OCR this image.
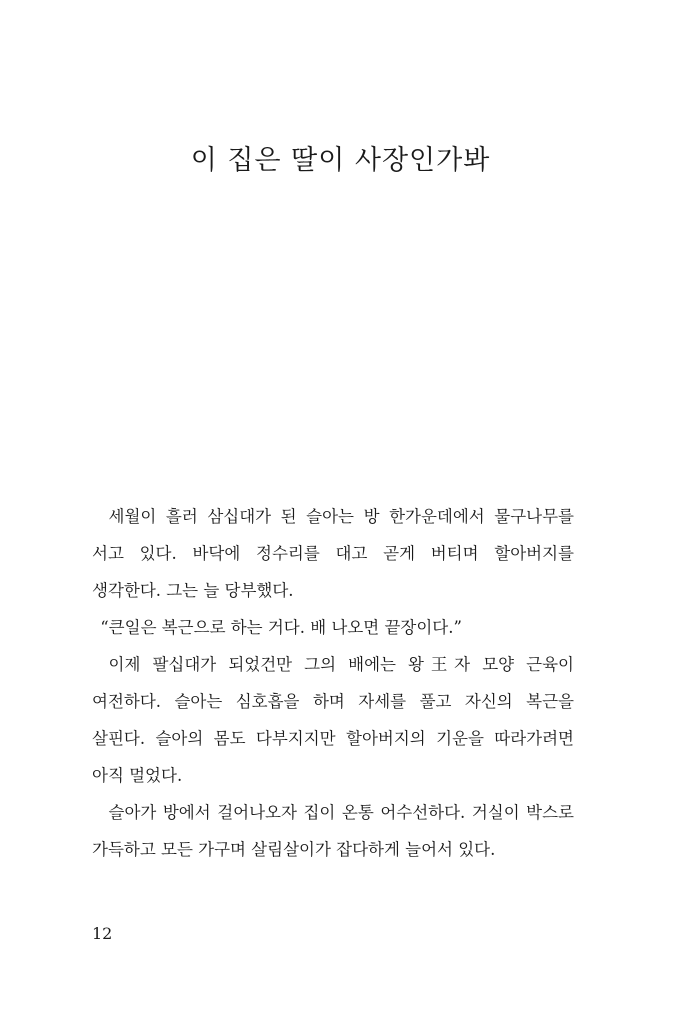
이 집은 딸이 사장인가봐

세월이 흘러 삼십대가 된 슬아는 방 한가운데에서 물구나무를 서고 있다. 바닥에 정수리를 대고 곧게 버티며 할아버지를 생각한다. 그는 늘 당부했다.

“큰일은 복근으로 하는 거다. 배 나오면 끝장이다.”

이제 팔십대가 되었건만 그의 배에는 왕王자 모양 근육이 여전하다. 슬아는 심호흡을 하며 자세를 풀고 자신의 복근을 살핀다. 슬아의 몸도 다부지지만 할아버지의 기운을 따라가려면 아직 멀었다.

슬아가 방에서 걸어나오자 집이 온통 어수선하다. 거실이 박스로 가득하고 모든 가구며 살림살이가 잡다하게 늘어서 있다.

12
